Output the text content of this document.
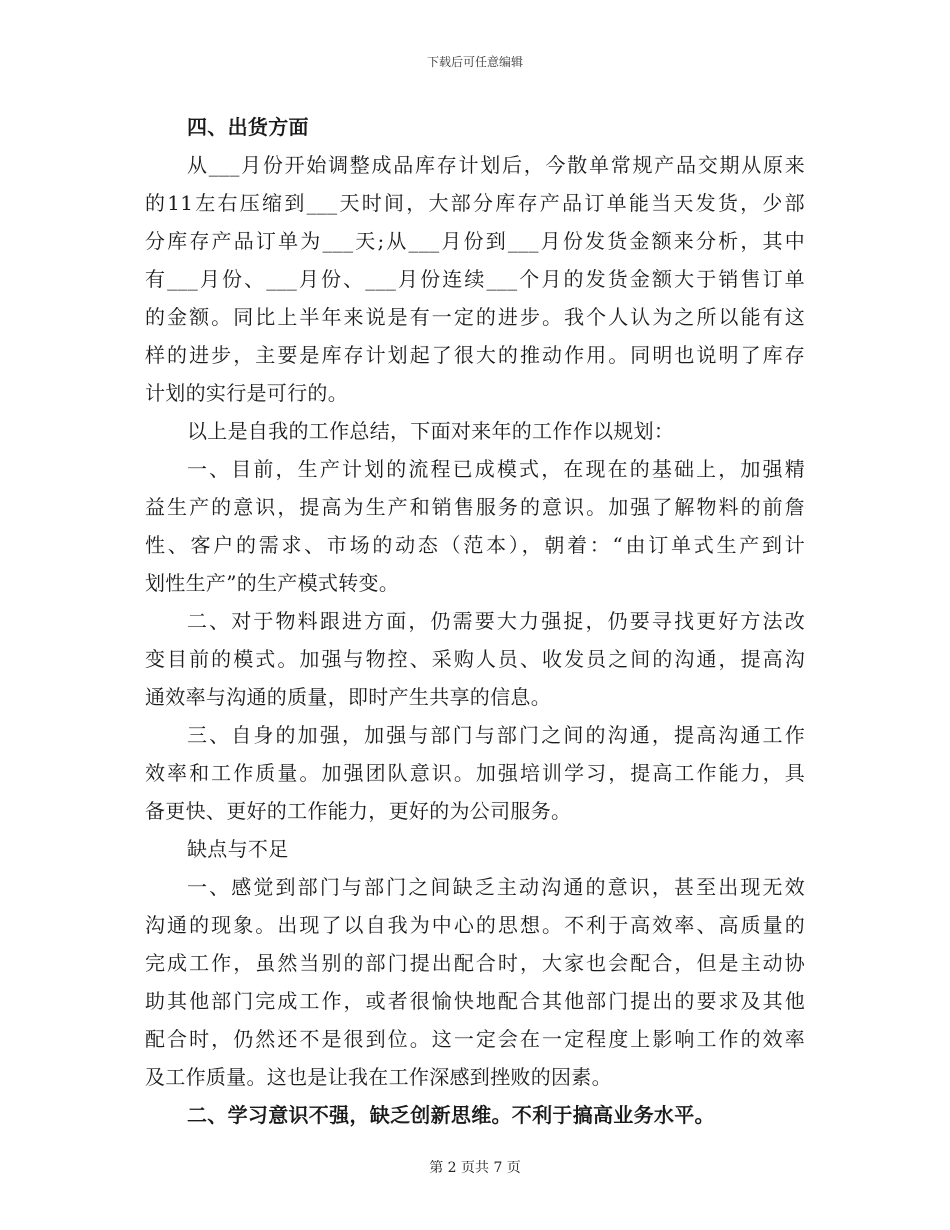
下载后可任意编辑
四、出货方面
从___月份开始调整成品库存计划后，今散单常规产品交期从原来
的11左右压缩到___天时间，大部分库存产品订单能当天发货，少部
分库存产品订单为___天;从___月份到___月份发货金额来分析，其中
有___月份、___月份、___月份连续___个月的发货金额大于销售订单
的金额。同比上半年来说是有一定的进步。我个人认为之所以能有这
样的进步，主要是库存计划起了很大的推动作用。同明也说明了库存
计划的实行是可行的。
以上是自我的工作总结，下面对来年的工作作以规划：
一、目前，生产计划的流程已成模式，在现在的基础上，加强精
益生产的意识，提高为生产和销售服务的意识。加强了解物料的前詹
性、客户的需求、市场的动态（范本），朝着：“由订单式生产到计
划性生产”的生产模式转变。
二、对于物料跟进方面，仍需要大力强捉，仍要寻找更好方法改
变目前的模式。加强与物控、采购人员、收发员之间的沟通，提高沟
通效率与沟通的质量，即时产生共享的信息。
三、自身的加强，加强与部门与部门之间的沟通，提高沟通工作
效率和工作质量。加强团队意识。加强培训学习，提高工作能力，具
备更快、更好的工作能力，更好的为公司服务。
缺点与不足
一、感觉到部门与部门之间缺乏主动沟通的意识，甚至出现无效
沟通的现象。出现了以自我为中心的思想。不利于高效率、高质量的
完成工作，虽然当别的部门提出配合时，大家也会配合，但是主动协
助其他部门完成工作，或者很愉快地配合其他部门提出的要求及其他
配合时，仍然还不是很到位。这一定会在一定程度上影响工作的效率
及工作质量。这也是让我在工作深感到挫败的因素。
二、学习意识不强，缺乏创新思维。不利于搞高业务水平。
第 2 页共 7 页
